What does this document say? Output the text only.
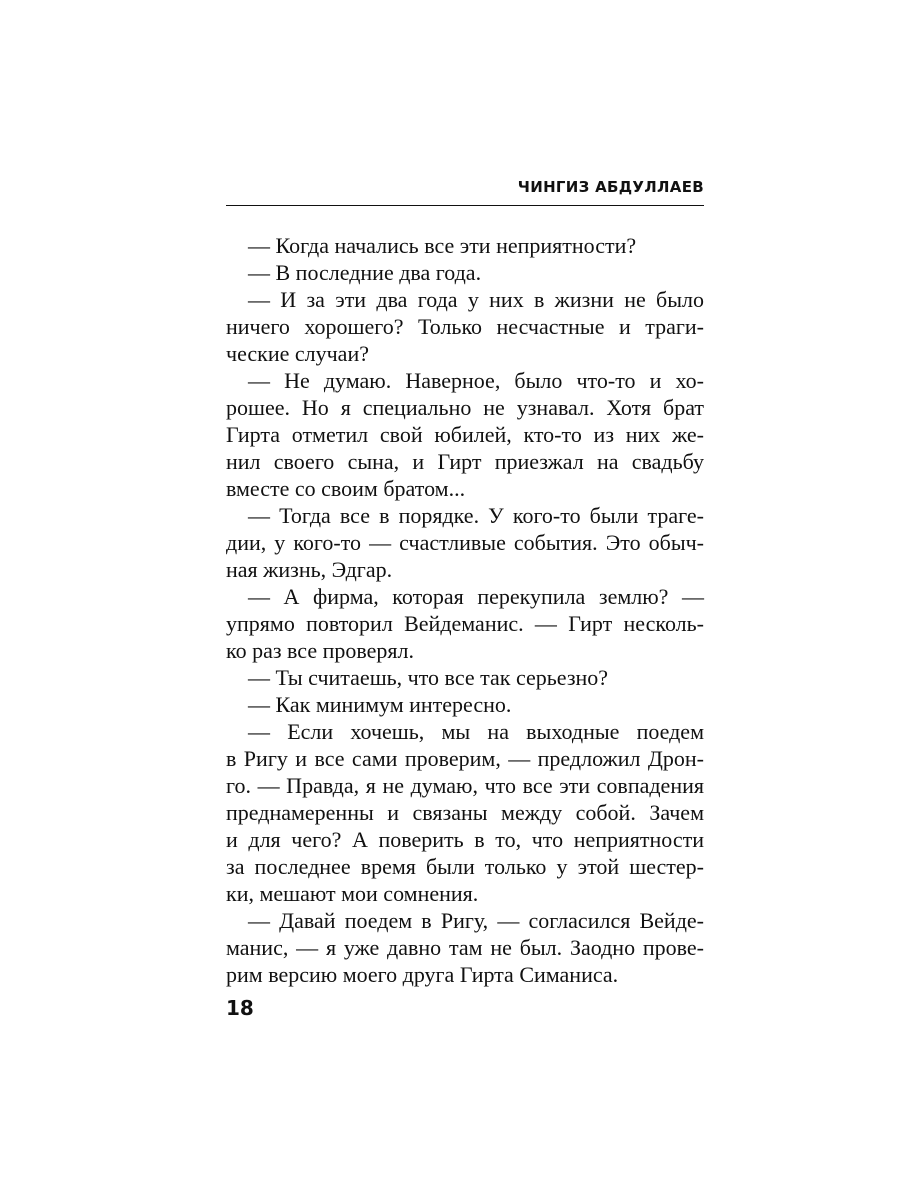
ЧИНГИЗ АБДУЛЛАЕВ
— Когда начались все эти неприятности?
— В последние два года.
— И за эти два года у них в жизни не было
ничего хорошего? Только несчастные и траги-
ческие случаи?
— Не думаю. Наверное, было что-то и хо-
рошее. Но я специально не узнавал. Хотя брат
Гирта отметил свой юбилей, кто-то из них же-
нил своего сына, и Гирт приезжал на свадьбу
вместе со своим братом...
— Тогда все в порядке. У кого-то были траге-
дии, у кого-то — счастливые события. Это обыч-
ная жизнь, Эдгар.
— А фирма, которая перекупила землю? —
упрямо повторил Вейдеманис. — Гирт несколь-
ко раз все проверял.
— Ты считаешь, что все так серьезно?
— Как минимум интересно.
— Если хочешь, мы на выходные поедем
в Ригу и все сами проверим, — предложил Дрон-
го. — Правда, я не думаю, что все эти совпадения
преднамеренны и связаны между собой. Зачем
и для чего? А поверить в то, что неприятности
за последнее время были только у этой шестер-
ки, мешают мои сомнения.
— Давай поедем в Ригу, — согласился Вейде-
манис, — я уже давно там не был. Заодно прове-
рим версию моего друга Гирта Симаниса.
18
